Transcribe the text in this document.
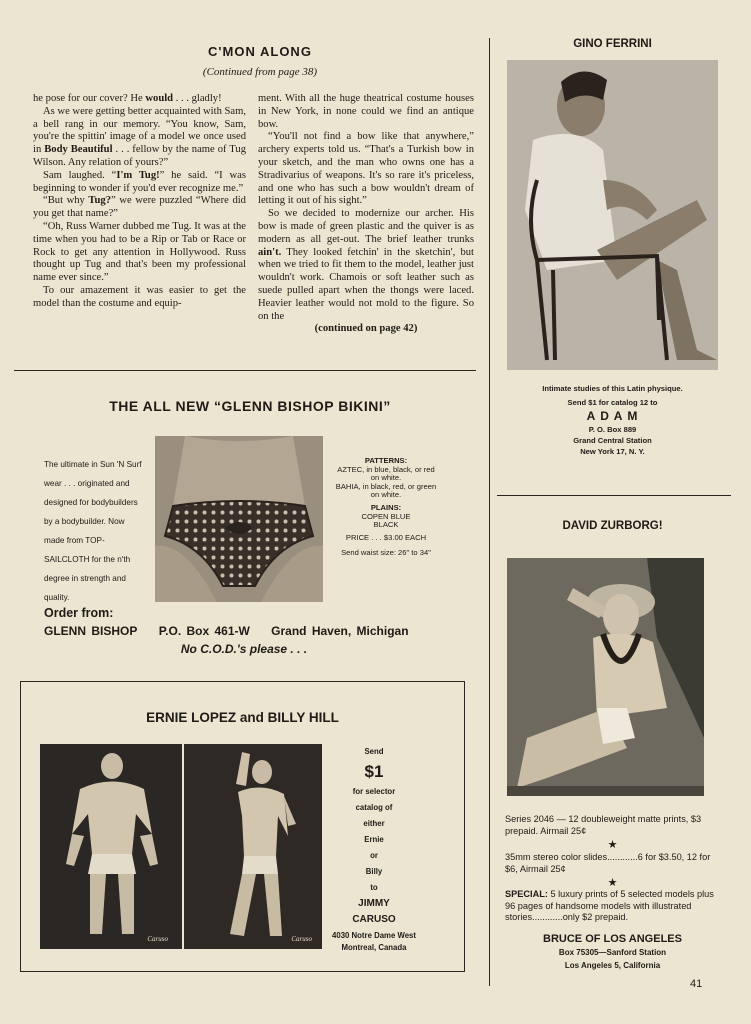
C'MON ALONG
(Continued from page 38)

he pose for our cover? He would . . . gladly!

As we were getting better acquainted with Sam, a bell rang in our memory. “You know, Sam, you're the spittin' image of a model we once used in Body Beautiful . . . fellow by the name of Tug Wilson. Any relation of yours?”

Sam laughed. “I'm Tug!” he said. “I was beginning to wonder if you'd ever recognize me.”

“But why Tug?” we were puzzled “Where did you get that name?”

“Oh, Russ Warner dubbed me Tug. It was at the time when you had to be a Rip or Tab or Race or Rock to get any attention in Hollywood. Russ thought up Tug and that's been my professional name ever since.”

To our amazement it was easier to get the model than the costume and equip-

ment. With all the huge theatrical costume houses in New York, in none could we find an antique bow.

“You'll not find a bow like that anywhere,” archery experts told us. “That's a Turkish bow in your sketch, and the man who owns one has a Stradivarius of weapons. It's so rare it's priceless, and one who has such a bow wouldn't dream of letting it out of his sight.”

So we decided to modernize our archer. His bow is made of green plastic and the quiver is as modern as all get-out. The brief leather trunks ain't. They looked fetchin' in the sketchin', but when we tried to fit them to the model, leather just wouldn't work. Chamois or soft leather such as suede pulled apart when the thongs were laced. Heavier leather would not mold to the figure. So on the

(continued on page 42)
THE ALL NEW “GLENN BISHOP BIKINI”
The ultimate in Sun 'N Surf wear . . . originated and designed for bodybuilders by a bodybuilder. Now made from TOP-SAILCLOTH for the n'th degree in strength and quality.
PATTERNS:
AZTEC, in blue, black, or red on white.
BAHIA, in black, red, or green on white.
PLAINS:
COPEN BLUE
BLACK
PRICE . . . $3.00 EACH
Send waist size: 26" to 34"
Order from:
GLENN BISHOP P.O. Box 461-W Grand Haven, Michigan
No C.O.D.'s please . . .
ERNIE LOPEZ and BILLY HILL
Caruso	Caruso
Send
$1
for selector
catalog of
either
Ernie
or
Billy
to
JIMMY
CARUSO
4030 Notre Dame West
Montreal, Canada
GINO FERRINI
Intimate studies of this Latin physique.
Send $1 for catalog 12 to
A D A M
P. O. Box 889
Grand Central Station
New York 17, N. Y.
DAVID ZURBORG!
Series 2046 — 12 doubleweight matte prints, $3 prepaid. Airmail 25¢
★
35mm stereo color slides............6 for $3.50, 12 for $6, Airmail 25¢
★
SPECIAL: 5 luxury prints of 5 selected models plus 96 pages of handsome models with illustrated stories............only $2 prepaid.
BRUCE OF LOS ANGELES
Box 75305—Sanford Station
Los Angeles 5, California
41
